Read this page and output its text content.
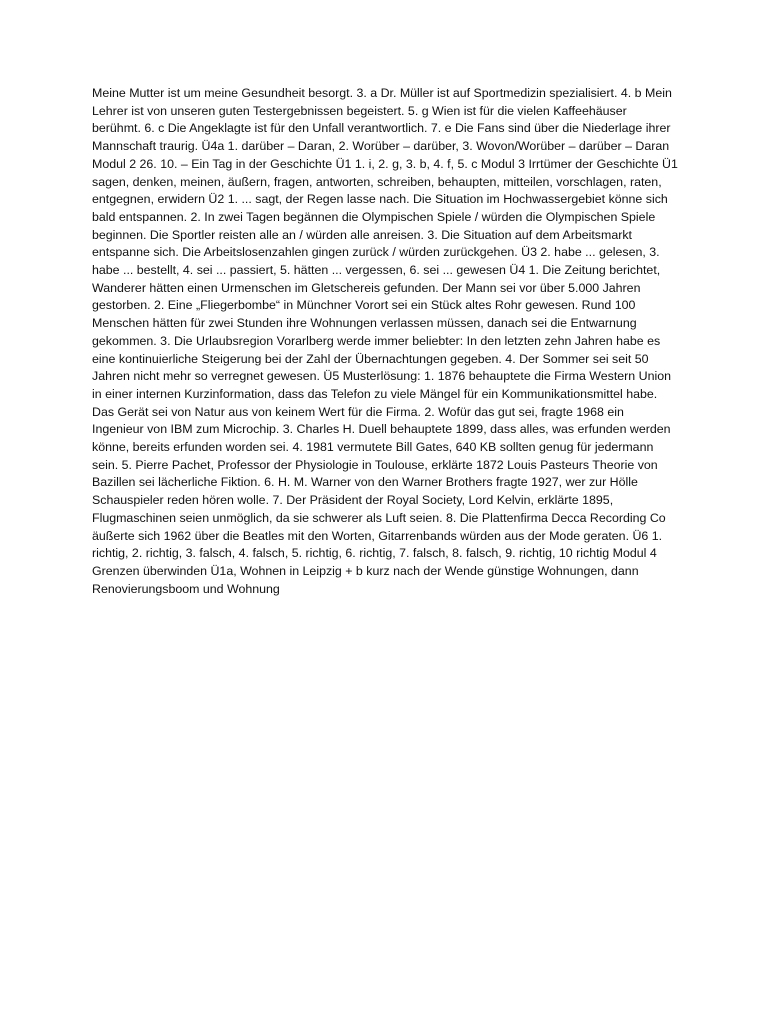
Meine Mutter ist um meine Gesundheit besorgt. 3. a Dr. Müller ist auf Sportmedizin spezialisiert. 4. b Mein Lehrer ist von unseren guten Testergebnissen begeistert. 5. g Wien ist für die vielen Kaffeehäuser berühmt. 6. c Die Angeklagte ist für den Unfall verantwortlich. 7. e Die Fans sind über die Niederlage ihrer Mannschaft traurig. Ü4a 1. darüber – Daran, 2. Worüber – darüber, 3. Wovon/Worüber – darüber – Daran Modul 2 26. 10. – Ein Tag in der Geschichte Ü1 1. i, 2. g, 3. b, 4. f, 5. c Modul 3 Irrtümer der Geschichte Ü1 sagen, denken, meinen, äußern, fragen, antworten, schreiben, behaupten, mitteilen, vorschlagen, raten, entgegnen, erwidern Ü2 1. ... sagt, der Regen lasse nach. Die Situation im Hochwassergebiet könne sich bald entspannen. 2. In zwei Tagen begännen die Olympischen Spiele / würden die Olympischen Spiele beginnen. Die Sportler reisten alle an / würden alle anreisen. 3. Die Situation auf dem Arbeitsmarkt entspanne sich. Die Arbeitslosenzahlen gingen zurück / würden zurückgehen. Ü3 2. habe ... gelesen, 3. habe ... bestellt, 4. sei ... passiert, 5. hätten ... vergessen, 6. sei ... gewesen Ü4 1. Die Zeitung berichtet, Wanderer hätten einen Urmenschen im Gletschereis gefunden. Der Mann sei vor über 5.000 Jahren gestorben. 2. Eine „Fliegerbombe“ in Münchner Vorort sei ein Stück altes Rohr gewesen. Rund 100 Menschen hätten für zwei Stunden ihre Wohnungen verlassen müssen, danach sei die Entwarnung gekommen. 3. Die Urlaubsregion Vorarlberg werde immer beliebter: In den letzten zehn Jahren habe es eine kontinuierliche Steigerung bei der Zahl der Übernachtungen gegeben. 4. Der Sommer sei seit 50 Jahren nicht mehr so verregnet gewesen. Ü5 Musterlösung: 1. 1876 behauptete die Firma Western Union in einer internen Kurzinformation, dass das Telefon zu viele Mängel für ein Kommunikationsmittel habe. Das Gerät sei von Natur aus von keinem Wert für die Firma. 2. Wofür das gut sei, fragte 1968 ein Ingenieur von IBM zum Microchip. 3. Charles H. Duell behauptete 1899, dass alles, was erfunden werden könne, bereits erfunden worden sei. 4. 1981 vermutete Bill Gates, 640 KB sollten genug für jedermann sein. 5. Pierre Pachet, Professor der Physiologie in Toulouse, erklärte 1872 Louis Pasteurs Theorie von Bazillen sei lächerliche Fiktion. 6. H. M. Warner von den Warner Brothers fragte 1927, wer zur Hölle Schauspieler reden hören wolle. 7. Der Präsident der Royal Society, Lord Kelvin, erklärte 1895, Flugmaschinen seien unmöglich, da sie schwerer als Luft seien. 8. Die Plattenfirma Decca Recording Co äußerte sich 1962 über die Beatles mit den Worten, Gitarrenbands würden aus der Mode geraten. Ü6 1. richtig, 2. richtig, 3. falsch, 4. falsch, 5. richtig, 6. richtig, 7. falsch, 8. falsch, 9. richtig, 10 richtig Modul 4 Grenzen überwinden Ü1a, Wohnen in Leipzig + b kurz nach der Wende günstige Wohnungen, dann Renovierungsboom und Wohnung
